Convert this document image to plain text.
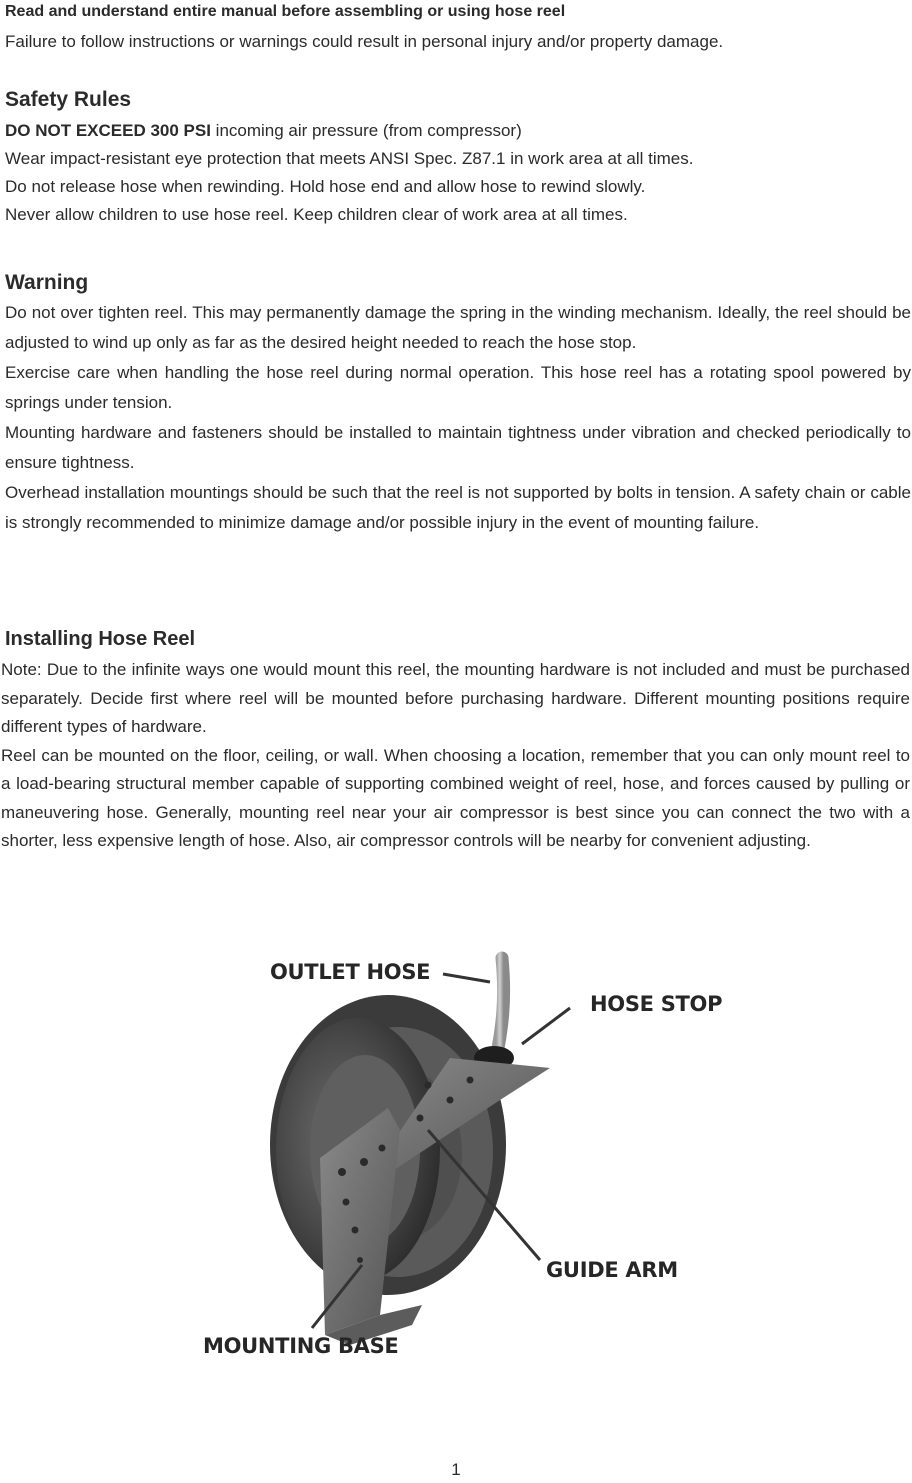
Read and understand entire manual before assembling or using hose reel

Failure to follow instructions or warnings could result in personal injury and/or property damage.

Safety Rules

DO NOT EXCEED 300 PSI incoming air pressure (from compressor)

Wear impact-resistant eye protection that meets ANSI Spec. Z87.1 in work area at all times.

Do not release hose when rewinding. Hold hose end and allow hose to rewind slowly.

Never allow children to use hose reel. Keep children clear of work area at all times.

Warning

Do not over tighten reel. This may permanently damage the spring in the winding mechanism. Ideally, the reel should be adjusted to wind up only as far as the desired height needed to reach the hose stop.

Exercise care when handling the hose reel during normal operation. This hose reel has a rotating spool powered by springs under tension.

Mounting hardware and fasteners should be installed to maintain tightness under vibration and checked periodically to ensure tightness.

Overhead installation mountings should be such that the reel is not supported by bolts in tension. A safety chain or cable is strongly recommended to minimize damage and/or possible injury in the event of mounting failure.

Installing Hose Reel

Note: Due to the infinite ways one would mount this reel, the mounting hardware is not included and must be purchased separately. Decide first where reel will be mounted before purchasing hardware. Different mounting positions require different types of hardware.

Reel can be mounted on the floor, ceiling, or wall. When choosing a location, remember that you can only mount reel to a load-bearing structural member capable of supporting combined weight of reel, hose, and forces caused by pulling or maneuvering hose. Generally, mounting reel near your air compressor is best since you can connect the two with a shorter, less expensive length of hose. Also, air compressor controls will be nearby for convenient adjusting.

OUTLET HOSE
HOSE STOP
GUIDE ARM
MOUNTING BASE
1
